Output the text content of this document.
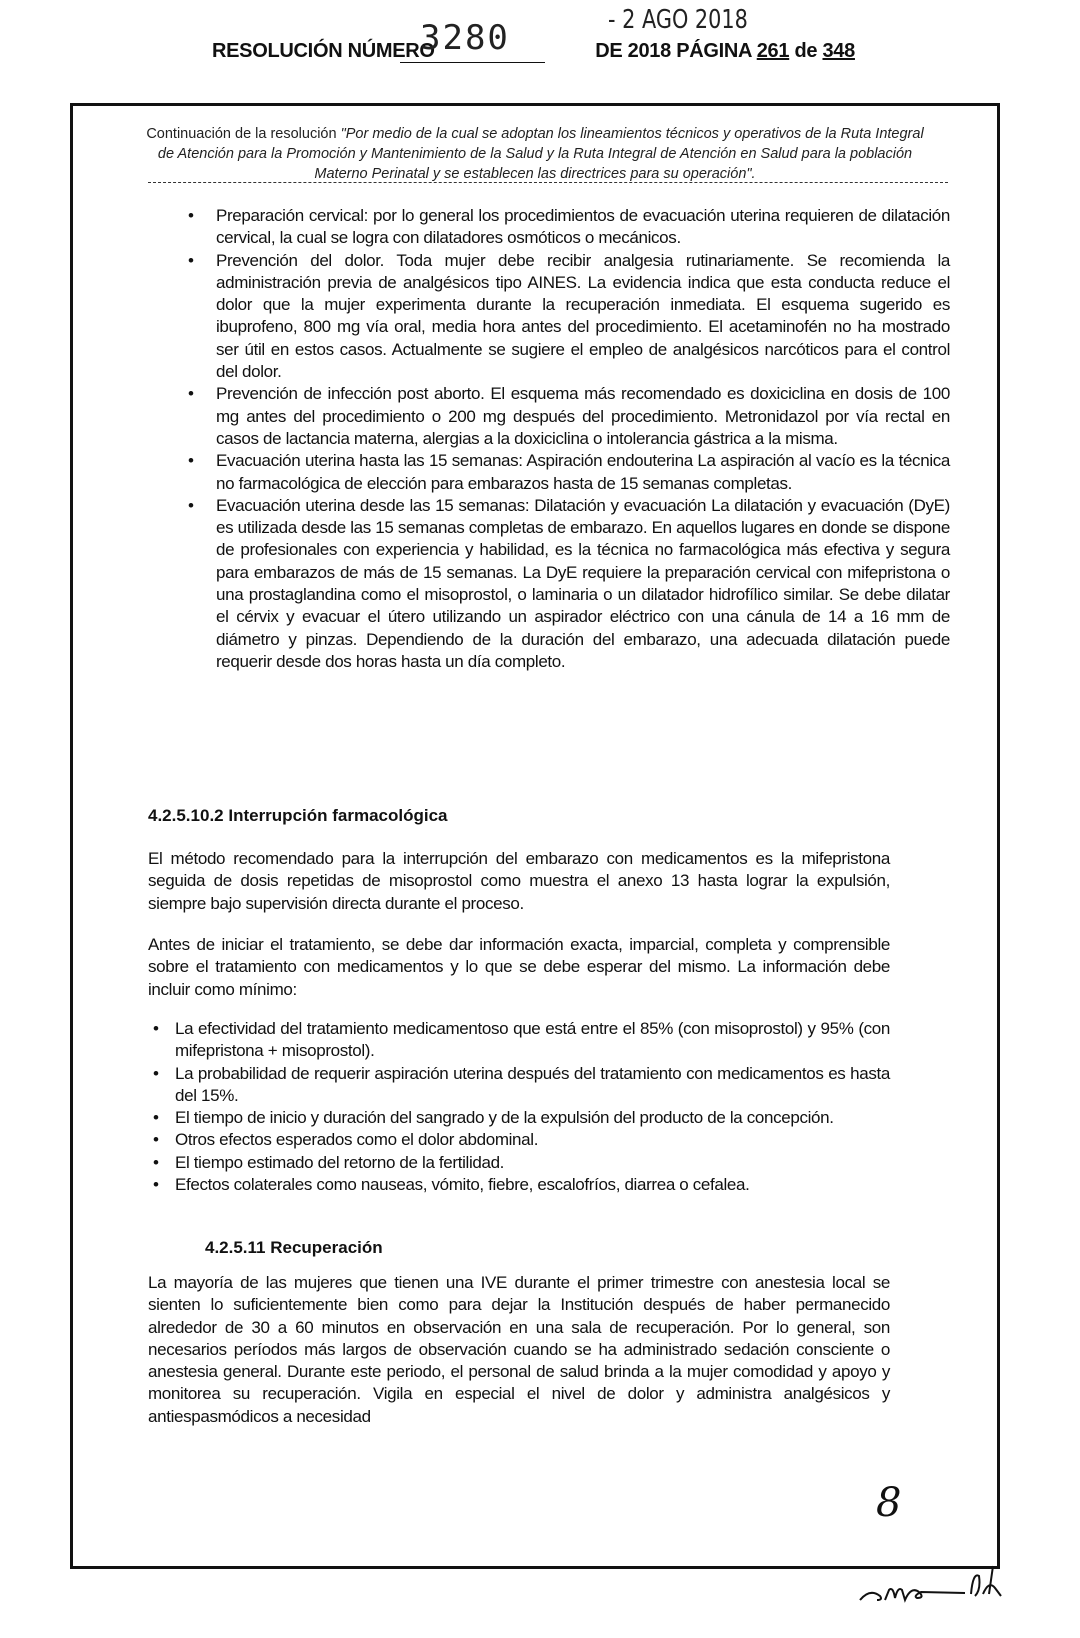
RESOLUCIÓN NÚMERO	DE 2018 PÁGINA 261 de 348
3280	- 2 AGO 2018
Continuación de la resolución "Por medio de la cual se adoptan los lineamientos técnicos y operativos de la Ruta Integral de Atención para la Promoción y Mantenimiento de la Salud y la Ruta Integral de Atención en Salud para la población Materno Perinatal y se establecen las directrices para su operación".
• Preparación cervical: por lo general los procedimientos de evacuación uterina requieren de dilatación cervical, la cual se logra con dilatadores osmóticos o mecánicos.
• Prevención del dolor. Toda mujer debe recibir analgesia rutinariamente. Se recomienda la administración previa de analgésicos tipo AINES. La evidencia indica que esta conducta reduce el dolor que la mujer experimenta durante la recuperación inmediata. El esquema sugerido es ibuprofeno, 800 mg vía oral, media hora antes del procedimiento. El acetaminofén no ha mostrado ser útil en estos casos. Actualmente se sugiere el empleo de analgésicos narcóticos para el control del dolor.
• Prevención de infección post aborto. El esquema más recomendado es doxiciclina en dosis de 100 mg antes del procedimiento o 200 mg después del procedimiento. Metronidazol por vía rectal en casos de lactancia materna, alergias a la doxiciclina o intolerancia gástrica a la misma.
• Evacuación uterina hasta las 15 semanas: Aspiración endouterina La aspiración al vacío es la técnica no farmacológica de elección para embarazos hasta de 15 semanas completas.
• Evacuación uterina desde las 15 semanas: Dilatación y evacuación La dilatación y evacuación (DyE) es utilizada desde las 15 semanas completas de embarazo. En aquellos lugares en donde se dispone de profesionales con experiencia y habilidad, es la técnica no farmacológica más efectiva y segura para embarazos de más de 15 semanas. La DyE requiere la preparación cervical con mifepristona o una prostaglandina como el misoprostol, o laminaria o un dilatador hidrofílico similar. Se debe dilatar el cérvix y evacuar el útero utilizando un aspirador eléctrico con una cánula de 14 a 16 mm de diámetro y pinzas. Dependiendo de la duración del embarazo, una adecuada dilatación puede requerir desde dos horas hasta un día completo.
4.2.5.10.2 Interrupción farmacológica
El método recomendado para la interrupción del embarazo con medicamentos es la mifepristona seguida de dosis repetidas de misoprostol como muestra el anexo 13 hasta lograr la expulsión, siempre bajo supervisión directa durante el proceso.
Antes de iniciar el tratamiento, se debe dar información exacta, imparcial, completa y comprensible sobre el tratamiento con medicamentos y lo que se debe esperar del mismo. La información debe incluir como mínimo:
• La efectividad del tratamiento medicamentoso que está entre el 85% (con misoprostol) y 95% (con mifepristona + misoprostol).
• La probabilidad de requerir aspiración uterina después del tratamiento con medicamentos es hasta del 15%.
• El tiempo de inicio y duración del sangrado y de la expulsión del producto de la concepción.
• Otros efectos esperados como el dolor abdominal.
• El tiempo estimado del retorno de la fertilidad.
• Efectos colaterales como nauseas, vómito, fiebre, escalofríos, diarrea o cefalea.
4.2.5.11 Recuperación
La mayoría de las mujeres que tienen una IVE durante el primer trimestre con anestesia local se sienten lo suficientemente bien como para dejar la Institución después de haber permanecido alrededor de 30 a 60 minutos en observación en una sala de recuperación. Por lo general, son necesarios períodos más largos de observación cuando se ha administrado sedación consciente o anestesia general. Durante este periodo, el personal de salud brinda a la mujer comodidad y apoyo y monitorea su recuperación. Vigila en especial el nivel de dolor y administra analgésicos y antiespasmódicos a necesidad
8
